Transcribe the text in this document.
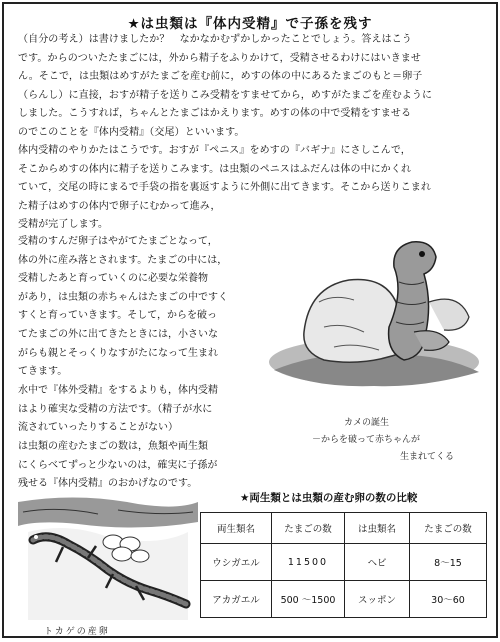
★は虫類は『体内受精』で子孫を残す
（自分の考え）は書けましたか？　なかなかむずかしかったことでしょう。答えはこう
です。からのついたたまごには，外から精子をふりかけて，受精させるわけにはいきませ
ん。そこで，は虫類はめすがたまごを産む前に，めすの体の中にあるたまごのもと＝卵子
（らんし）に直接，おすが精子を送りこみ受精をすませてから，めすがたまごを産むように
しました。こうすれば，ちゃんとたまごはかえります。めすの体の中で受精をすませる
のでこのことを『体内受精』（交尾）といいます。
体内受精のやりかたはこうです。おすが『ペニス』をめすの『バギナ』にさしこんで，
そこからめすの体内に精子を送りこみます。は虫類のペニスはふだんは体の中にかくれ
ていて，交尾の時にまるで手袋の指を裏返すように外側に出てきます。そこから送りこまれ
た精子はめすの体内で卵子にむかって進み，
受精が完了します。
受精のすんだ卵子はやがてたまごとなって，
体の外に産み落とされます。たまごの中には，
受精したあと育っていくのに必要な栄養物
があり，は虫類の赤ちゃんはたまごの中ですく
すくと育っていきます。そして，からを破っ
てたまごの外に出てきたときには，小さいな
がらも親とそっくりなすがたになって生まれ
てきます。
水中で『体外受精』をするよりも，体内受精
はより確実な受精の方法です。（精子が水に
流されていったりすることがない）
は虫類の産むたまごの数は，魚類や両生類
にくらべてずっと少ないのは，確実に子孫が
残せる『体内受精』のおかげなのです。
カメの誕生
－からを破って赤ちゃんが
生まれてくる
トカゲの産卵
★両生類とは虫類の産む卵の数の比較
両生類名	たまごの数	は虫類名	たまごの数
ウシガエル	11500	ヘビ	8～15
アカガエル	500 ～1500	スッポン	30～60
